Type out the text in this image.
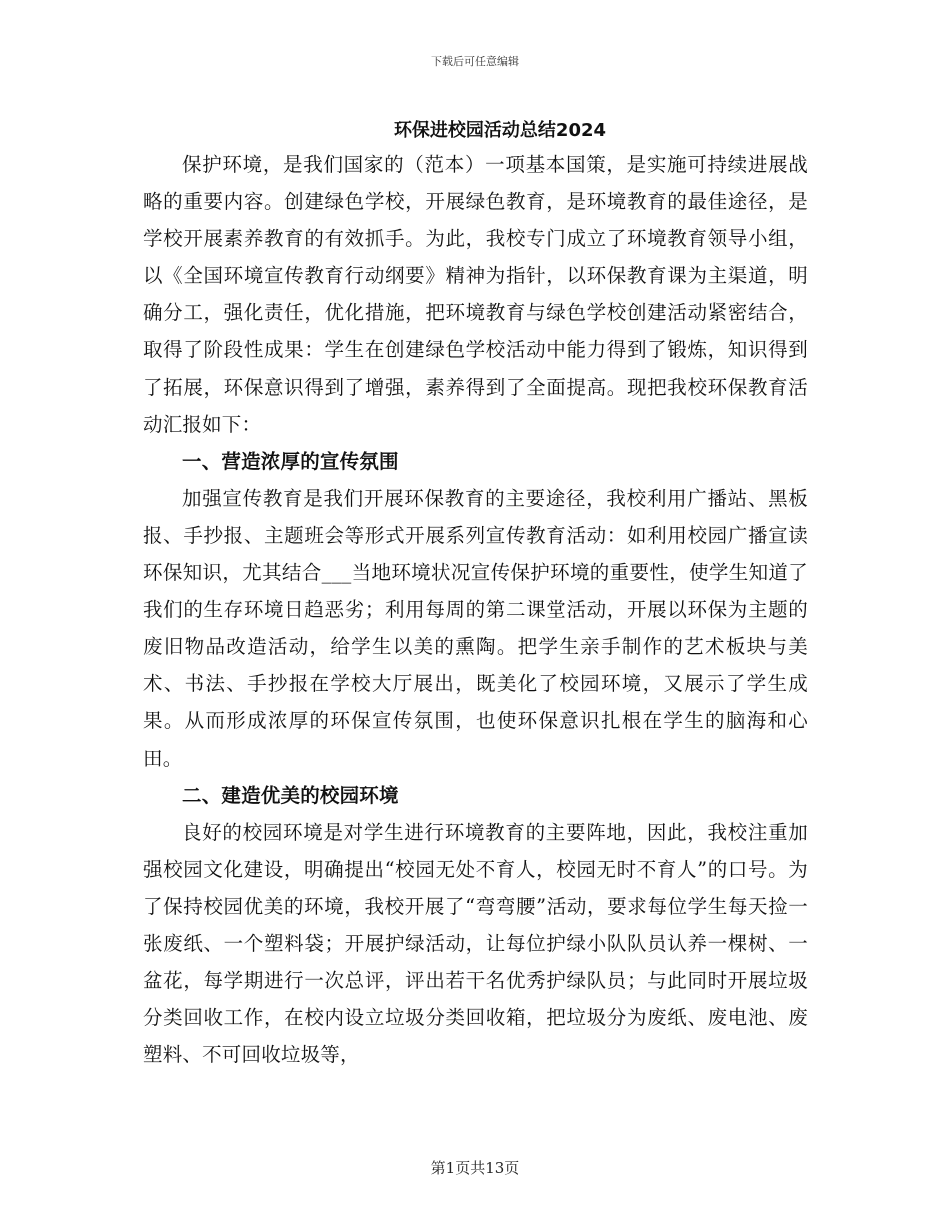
下载后可任意编辑
环保进校园活动总结2024

保护环境，是我们国家的（范本）一项基本国策，是实施可持续进展战略的重要内容。创建绿色学校，开展绿色教育，是环境教育的最佳途径，是学校开展素养教育的有效抓手。为此，我校专门成立了环境教育领导小组，以《全国环境宣传教育行动纲要》精神为指针，以环保教育课为主渠道，明确分工，强化责任，优化措施，把环境教育与绿色学校创建活动紧密结合，取得了阶段性成果：学生在创建绿色学校活动中能力得到了锻炼，知识得到了拓展，环保意识得到了增强，素养得到了全面提高。现把我校环保教育活动汇报如下：

一、营造浓厚的宣传氛围

加强宣传教育是我们开展环保教育的主要途径，我校利用广播站、黑板报、手抄报、主题班会等形式开展系列宣传教育活动：如利用校园广播宣读环保知识，尤其结合___当地环境状况宣传保护环境的重要性，使学生知道了我们的生存环境日趋恶劣；利用每周的第二课堂活动，开展以环保为主题的废旧物品改造活动，给学生以美的熏陶。把学生亲手制作的艺术板块与美术、书法、手抄报在学校大厅展出，既美化了校园环境，又展示了学生成果。从而形成浓厚的环保宣传氛围，也使环保意识扎根在学生的脑海和心田。

二、建造优美的校园环境

良好的校园环境是对学生进行环境教育的主要阵地，因此，我校注重加强校园文化建设，明确提出“校园无处不育人，校园无时不育人”的口号。为了保持校园优美的环境，我校开展了“弯弯腰”活动，要求每位学生每天捡一张废纸、一个塑料袋；开展护绿活动，让每位护绿小队队员认养一棵树、一盆花，每学期进行一次总评，评出若干名优秀护绿队员；与此同时开展垃圾分类回收工作，在校内设立垃圾分类回收箱，把垃圾分为废纸、废电池、废塑料、不可回收垃圾等，

第1页共13页
